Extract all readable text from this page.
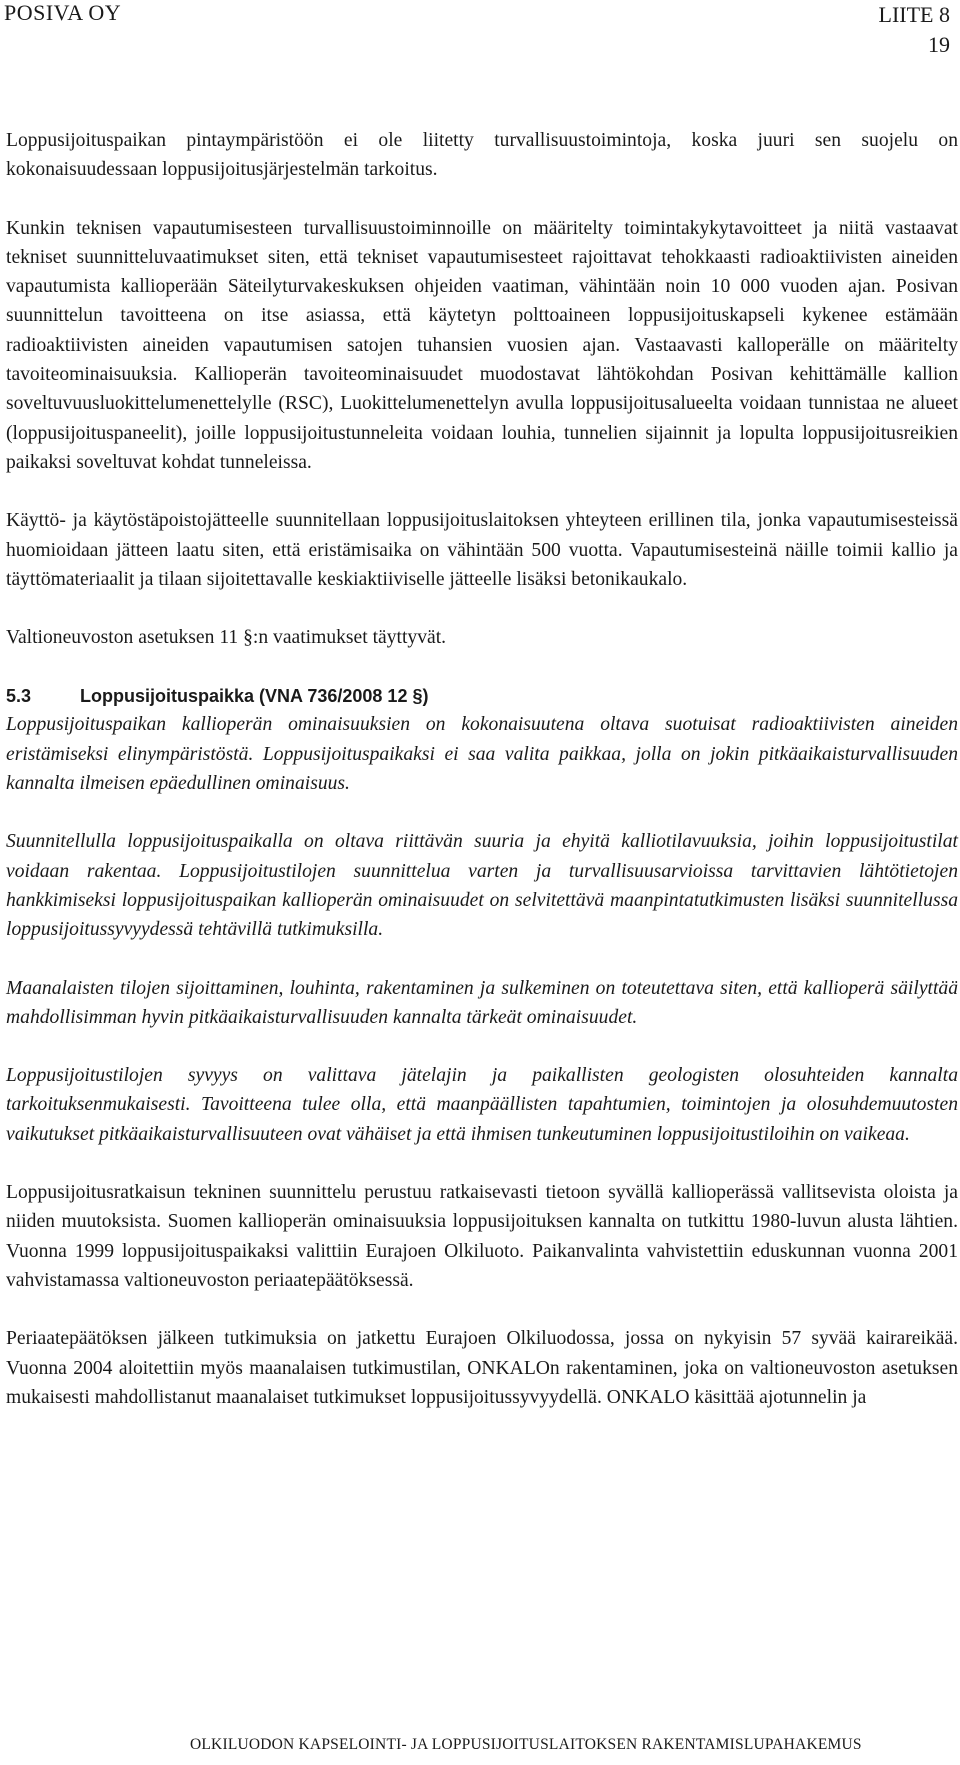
POSIVA OY	LIITE 8
19

Loppusijoituspaikan pintaympäristöön ei ole liitetty turvallisuustoimintoja, koska juuri sen suojelu on kokonaisuudessaan loppusijoitusjärjestelmän tarkoitus.

Kunkin teknisen vapautumisesteen turvallisuustoiminnoille on määritelty toimintakykytavoitteet ja niitä vastaavat tekniset suunnitteluvaatimukset siten, että tekniset vapautumisesteet rajoittavat tehokkaasti radioaktiivisten aineiden vapautumista kallioperään Säteilyturvakeskuksen ohjeiden vaatiman, vähintään noin 10 000 vuoden ajan. Posivan suunnittelun tavoitteena on itse asiassa, että käytetyn polttoaineen loppusijoituskapseli kykenee estämään radioaktiivisten aineiden vapautumisen satojen tuhansien vuosien ajan. Vastaavasti kalloperälle on määritelty tavoiteominaisuuksia. Kallioperän tavoiteominaisuudet muodostavat lähtökohdan Posivan kehittämälle kallion soveltuvuusluokittelumenettelylle (RSC), Luokittelumenettelyn avulla loppusijoitusalueelta voidaan tunnistaa ne alueet (loppusijoituspaneelit), joille loppusijoitustunneleita voidaan louhia, tunnelien sijainnit ja lopulta loppusijoitusreikien paikaksi soveltuvat kohdat tunneleissa.

Käyttö- ja käytöstäpoistojätteelle suunnitellaan loppusijoituslaitoksen yhteyteen erillinen tila, jonka vapautumisesteissä huomioidaan jätteen laatu siten, että eristämisaika on vähintään 500 vuotta. Vapautumisesteinä näille toimii kallio ja täyttömateriaalit ja tilaan sijoitettavalle keskiaktiiviselle jätteelle lisäksi betonikaukalo.

Valtioneuvoston asetuksen 11 §:n vaatimukset täyttyvät.

5.3	Loppusijoituspaikka (VNA 736/2008 12 §)

Loppusijoituspaikan kallioperän ominaisuuksien on kokonaisuutena oltava suotuisat radioaktiivisten aineiden eristämiseksi elinympäristöstä. Loppusijoituspaikaksi ei saa valita paikkaa, jolla on jokin pitkäaikaisturvallisuuden kannalta ilmeisen epäedullinen ominaisuus.

Suunnitellulla loppusijoituspaikalla on oltava riittävän suuria ja ehyitä kalliotilavuuksia, joihin loppusijoitustilat voidaan rakentaa. Loppusijoitustilojen suunnittelua varten ja turvallisuusarvioissa tarvittavien lähtötietojen hankkimiseksi loppusijoituspaikan kallioperän ominaisuudet on selvitettävä maanpintatutkimusten lisäksi suunnitellussa loppusijoitussyvyydessä tehtävillä tutkimuksilla.

Maanalaisten tilojen sijoittaminen, louhinta, rakentaminen ja sulkeminen on toteutettava siten, että kallioperä säilyttää mahdollisimman hyvin pitkäaikaisturvallisuuden kannalta tärkeät ominaisuudet.

Loppusijoitustilojen syvyys on valittava jätelajin ja paikallisten geologisten olosuhteiden kannalta tarkoituksenmukaisesti. Tavoitteena tulee olla, että maanpäällisten tapahtumien, toimintojen ja olosuhdemuutosten vaikutukset pitkäaikaisturvallisuuteen ovat vähäiset ja että ihmisen tunkeutuminen loppusijoitustiloihin on vaikeaa.

Loppusijoitusratkaisun tekninen suunnittelu perustuu ratkaisevasti tietoon syvällä kallioperässä vallitsevista oloista ja niiden muutoksista. Suomen kallioperän ominaisuuksia loppusijoituksen kannalta on tutkittu 1980-luvun alusta lähtien. Vuonna 1999 loppusijoituspaikaksi valittiin Eurajoen Olkiluoto. Paikanvalinta vahvistettiin eduskunnan vuonna 2001 vahvistamassa valtioneuvoston periaatepäätöksessä.

Periaatepäätöksen jälkeen tutkimuksia on jatkettu Eurajoen Olkiluodossa, jossa on nykyisin 57 syvää kairareikää. Vuonna 2004 aloitettiin myös maanalaisen tutkimustilan, ONKALOn rakentaminen, joka on valtioneuvoston asetuksen mukaisesti mahdollistanut maanalaiset tutkimukset loppusijoitussyvyydellä. ONKALO käsittää ajotunnelin ja

OLKILUODON KAPSELOINTI- JA LOPPUSIJOITUSLAITOKSEN RAKENTAMISLUPAHAKEMUS
